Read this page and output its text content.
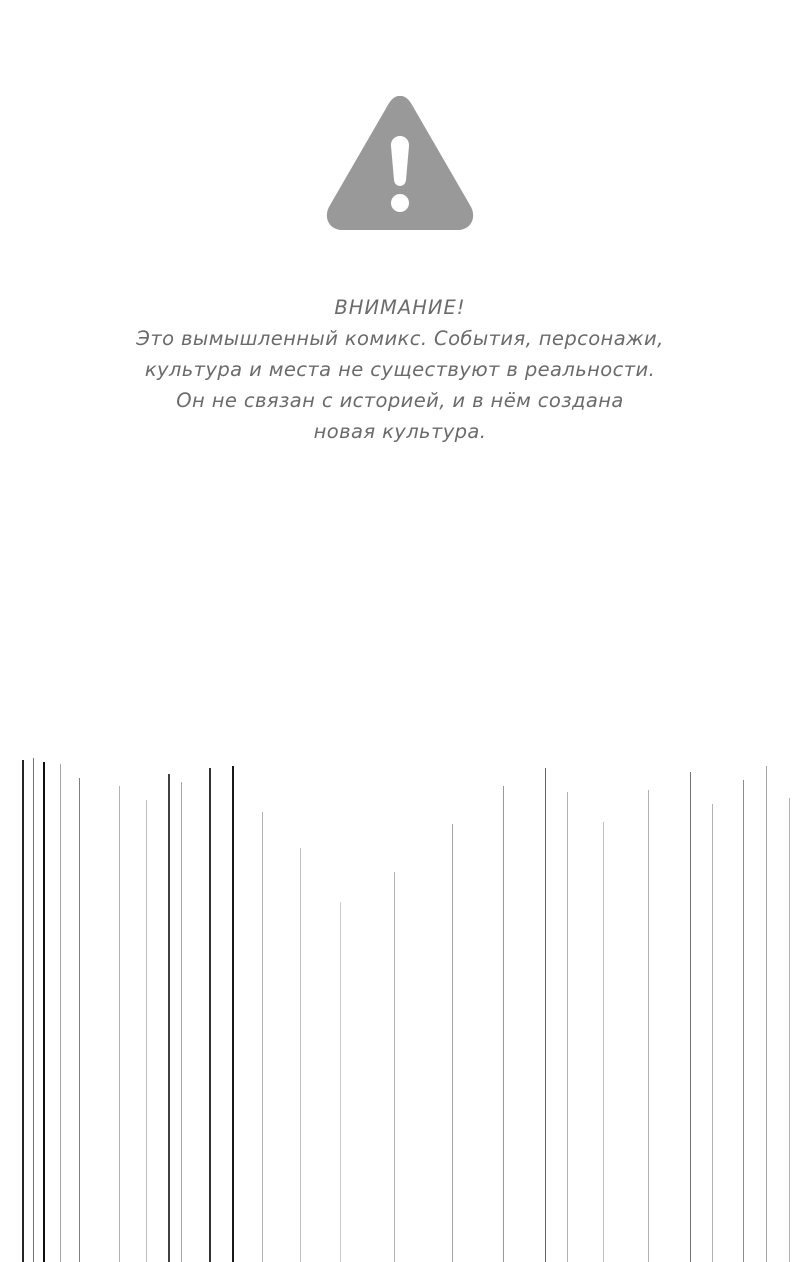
ВНИМАНИЕ!
Это вымышленный комикс. События, персонажи,
культура и места не существуют в реальности.
Он не связан с историей, и в нём создана
новая культура.
